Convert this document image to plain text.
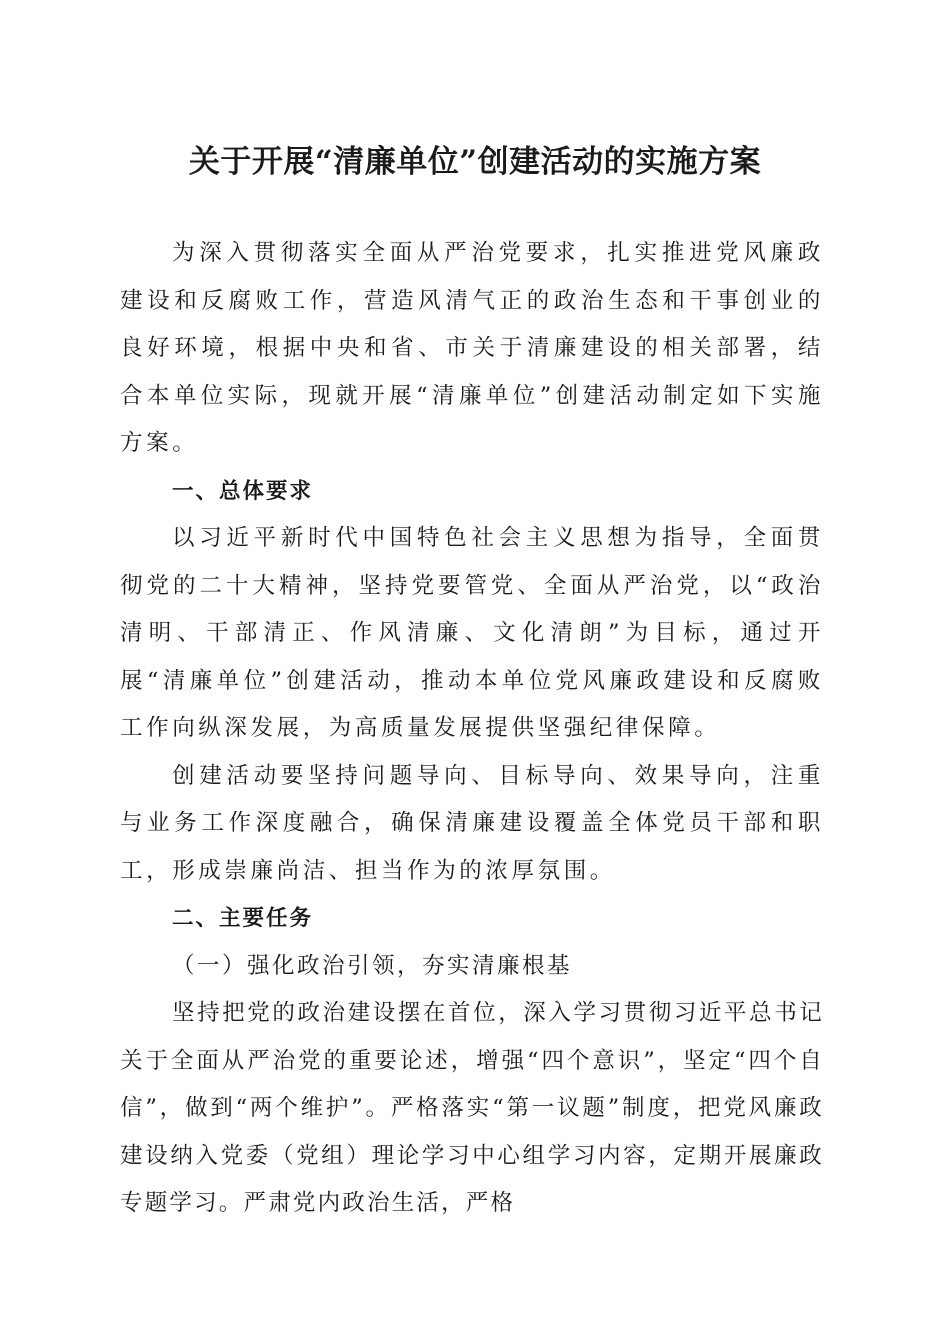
关于开展“清廉单位”创建活动的实施方案

为深入贯彻落实全面从严治党要求，扎实推进党风廉政建设和反腐败工作，营造风清气正的政治生态和干事创业的良好环境，根据中央和省、市关于清廉建设的相关部署，结合本单位实际，现就开展“清廉单位”创建活动制定如下实施方案。

一、总体要求

以习近平新时代中国特色社会主义思想为指导，全面贯彻党的二十大精神，坚持党要管党、全面从严治党，以“政治清明、干部清正、作风清廉、文化清朗”为目标，通过开展“清廉单位”创建活动，推动本单位党风廉政建设和反腐败工作向纵深发展，为高质量发展提供坚强纪律保障。

创建活动要坚持问题导向、目标导向、效果导向，注重与业务工作深度融合，确保清廉建设覆盖全体党员干部和职工，形成崇廉尚洁、担当作为的浓厚氛围。

二、主要任务
（一）强化政治引领，夯实清廉根基

坚持把党的政治建设摆在首位，深入学习贯彻习近平总书记关于全面从严治党的重要论述，增强“四个意识”，坚定“四个自信”，做到“两个维护”。严格落实“第一议题”制度，把党风廉政建设纳入党委（党组）理论学习中心组学习内容，定期开展廉政专题学习。严肃党内政治生活，严格
